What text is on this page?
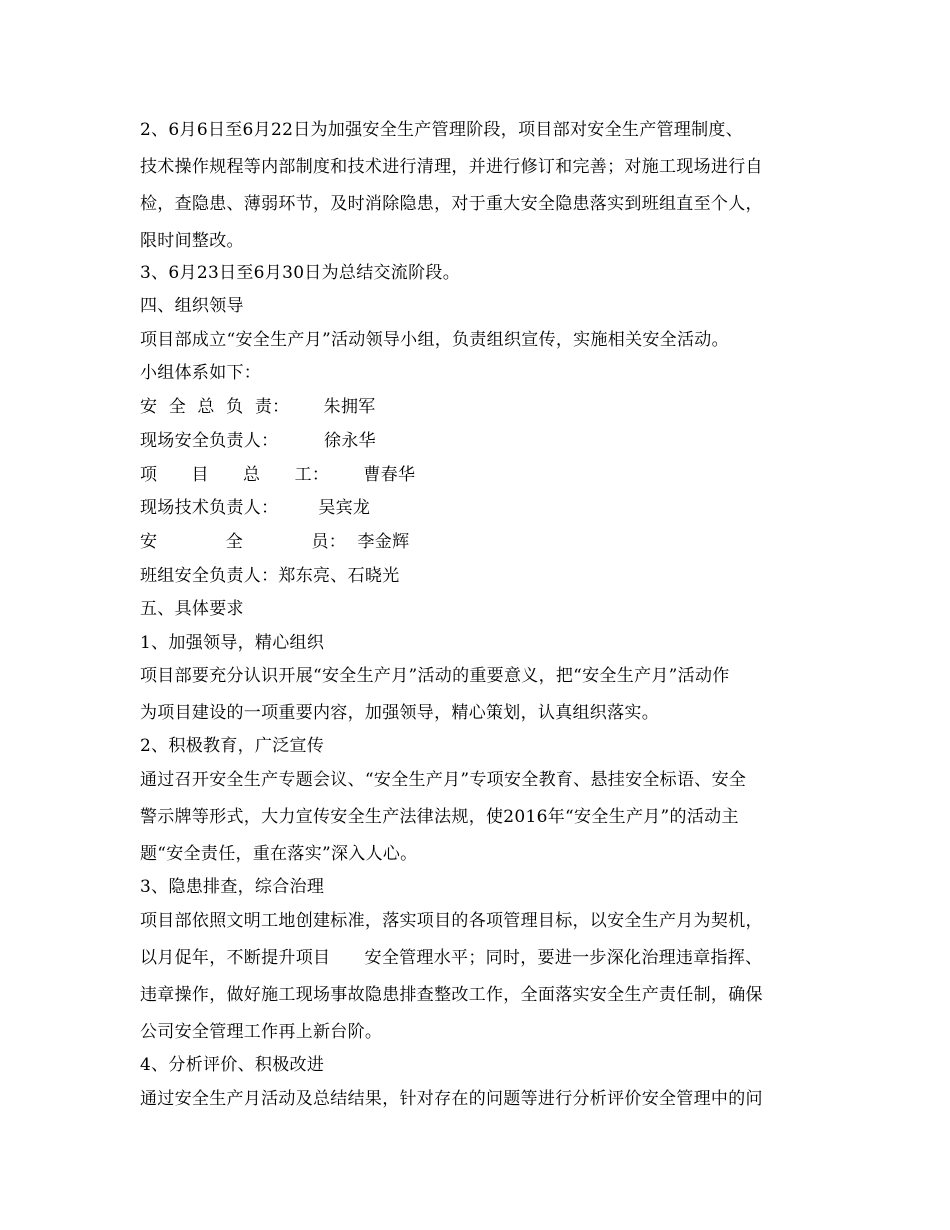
2、6月6日至6月22日为加强安全生产管理阶段，项目部对安全生产管理制度、
技术操作规程等内部制度和技术进行清理，并进行修订和完善；对施工现场进行自
检，查隐患、薄弱环节，及时消除隐患，对于重大安全隐患落实到班组直至个人，
限时间整改。
3、6月23日至6月30日为总结交流阶段。
四、组织领导
项目部成立“安全生产月”活动领导小组，负责组织宣传，实施相关安全活动。
小组体系如下：
安  全  总  负  责：      朱拥军
现场安全负责人：        徐永华
项      目      总      工：      曹春华
现场技术负责人：       吴宾龙
安            全            员：  李金辉
班组安全负责人：郑东亮、石晓光
五、具体要求
1、加强领导，精心组织
项目部要充分认识开展“安全生产月”活动的重要意义，把“安全生产月”活动作
为项目建设的一项重要内容，加强领导，精心策划，认真组织落实。
2、积极教育，广泛宣传
通过召开安全生产专题会议、“安全生产月”专项安全教育、悬挂安全标语、安全
警示牌等形式，大力宣传安全生产法律法规，使2016年“安全生产月”的活动主
题“安全责任，重在落实”深入人心。
3、隐患排查，综合治理
项目部依照文明工地创建标准，落实项目的各项管理目标，以安全生产月为契机，
以月促年，不断提升项目      安全管理水平；同时，要进一步深化治理违章指挥、
违章操作，做好施工现场事故隐患排查整改工作，全面落实安全生产责任制，确保
公司安全管理工作再上新台阶。
4、分析评价、积极改进
通过安全生产月活动及总结结果，针对存在的问题等进行分析评价安全管理中的问
